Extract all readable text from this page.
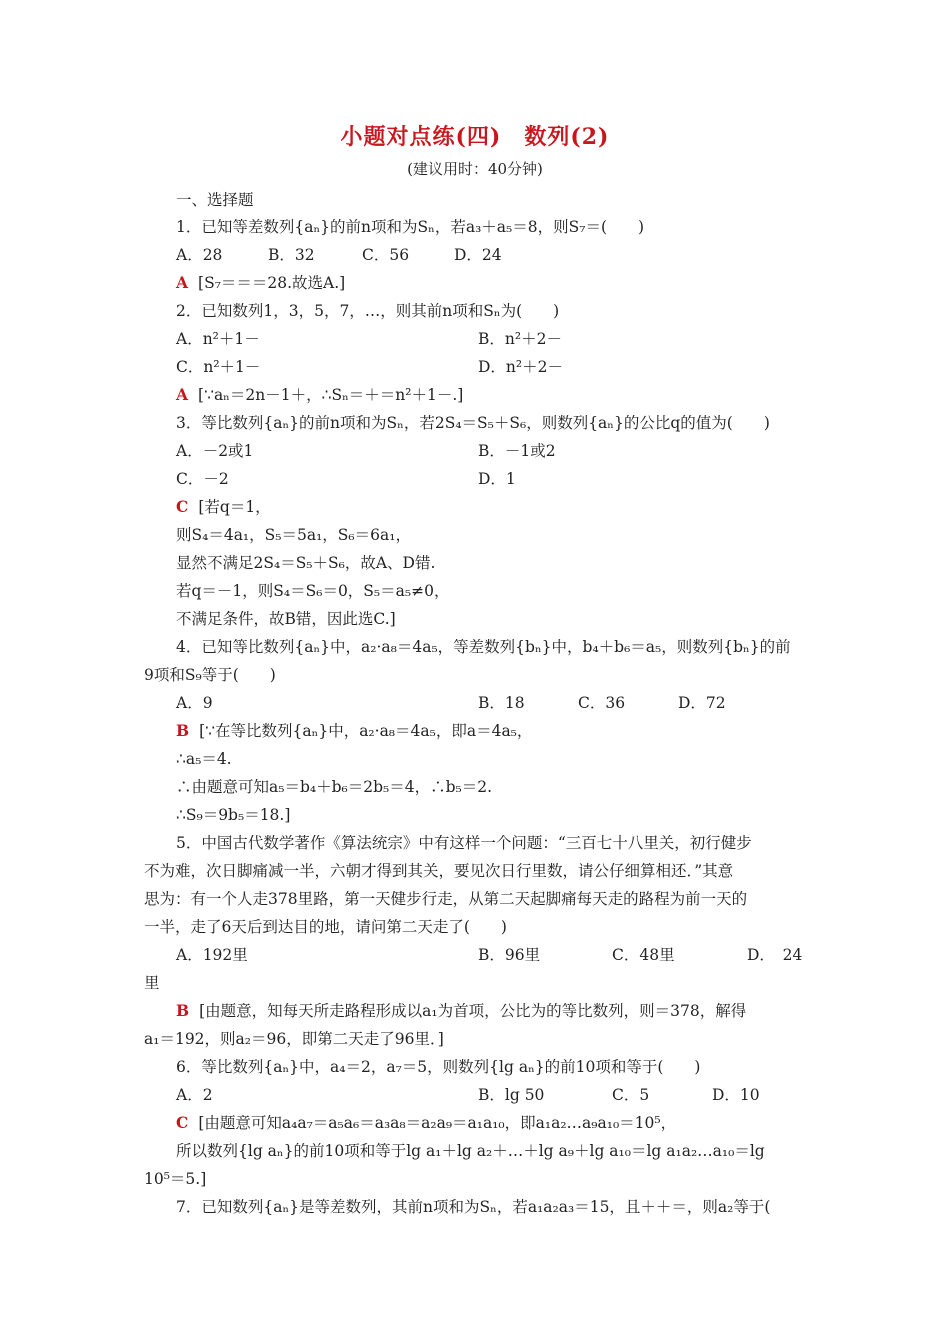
小题对点练(四)　数列(2)
(建议用时：40分钟)
一、选择题
1．已知等差数列{aₙ}的前n项和为Sₙ，若a₃＋a₅＝8，则S₇＝(　　)
A．28	B．32	C．56	D．24
A [S₇＝＝＝28.故选A.]
2．已知数列1，3，5，7，…，则其前n项和Sₙ为(　　)
A．n²＋1－	B．n²＋2－
C．n²＋1－	D．n²＋2－
A [∵aₙ＝2n－1＋，∴Sₙ＝＋＝n²＋1－.]
3．等比数列{aₙ}的前n项和为Sₙ，若2S₄＝S₅＋S₆，则数列{aₙ}的公比q的值为(　　)
A．－2或1	B．－1或2
C．－2	D．1
C [若q＝1，
则S₄＝4a₁，S₅＝5a₁，S₆＝6a₁，
显然不满足2S₄＝S₅＋S₆，故A、D错.
若q＝－1，则S₄＝S₆＝0，S₅＝a₅≠0，
不满足条件，故B错，因此选C.]
4．已知等比数列{aₙ}中，a₂·a₈＝4a₅，等差数列{bₙ}中，b₄＋b₆＝a₅，则数列{bₙ}的前
9项和S₉等于(　　)
A．9	B．18	C．36	D．72
B [∵在等比数列{aₙ}中，a₂·a₈＝4a₅，即a＝4a₅，
∴a₅＝4.
∴由题意可知a₅＝b₄＋b₆＝2b₅＝4，∴b₅＝2.
∴S₉＝9b₅＝18.]
5．中国古代数学著作《算法统宗》中有这样一个问题：“三百七十八里关，初行健步
不为难，次日脚痛减一半，六朝才得到其关，要见次日行里数，请公仔细算相还．”其意
思为：有一个人走378里路，第一天健步行走，从第二天起脚痛每天走的路程为前一天的
一半，走了6天后到达目的地，请问第二天走了(　　)
A．192里	B．96里	C．48里	D．　24
里
B [由题意，知每天所走路程形成以a₁为首项，公比为的等比数列，则＝378，解得
a₁＝192，则a₂＝96，即第二天走了96里．]
6．等比数列{aₙ}中，a₄＝2，a₇＝5，则数列{lg aₙ}的前10项和等于(　　)
A．2	B．lg 50	C．5	D．10
C [由题意可知a₄a₇＝a₅a₆＝a₃a₈＝a₂a₉＝a₁a₁₀，即a₁a₂…a₉a₁₀＝10⁵，
所以数列{lg aₙ}的前10项和等于lg a₁＋lg a₂＋…＋lg a₉＋lg a₁₀＝lg a₁a₂…a₁₀＝lg
10⁵＝5.]
7．已知数列{aₙ}是等差数列，其前n项和为Sₙ，若a₁a₂a₃＝15，且＋＋＝，则a₂等于(
